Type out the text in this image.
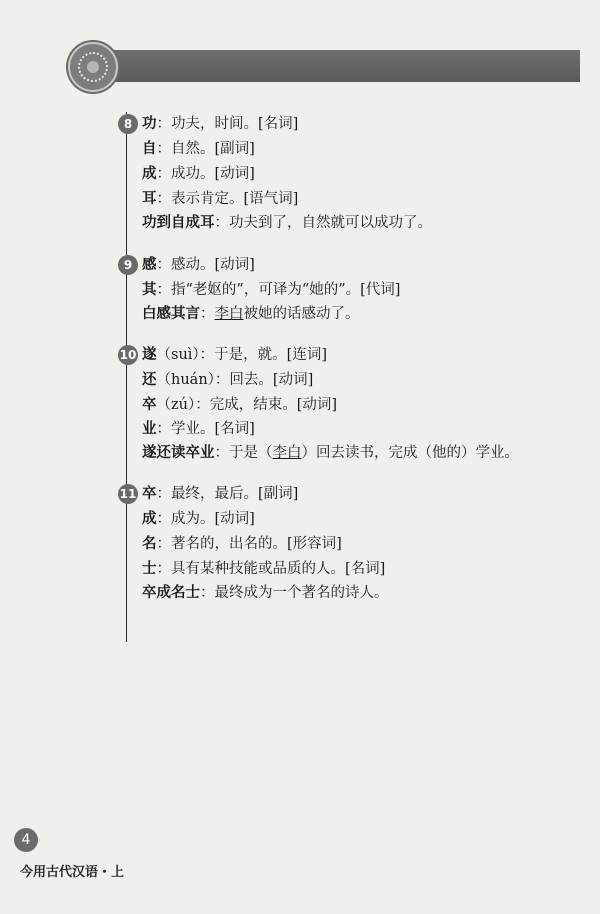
8 功：功夫，时间。[名词]
自：自然。[副词]
成：成功。[动词]
耳：表示肯定。[语气词]
功到自成耳：功夫到了，自然就可以成功了。
9 感：感动。[动词]
其：指“老妪的”，可译为“她的”。[代词]
白感其言：李白被她的话感动了。
10 遂（suì）：于是，就。[连词]
还（huán）：回去。[动词]
卒（zú）：完成，结束。[动词]
业：学业。[名词]
遂还读卒业：于是（李白）回去读书，完成（他的）学业。
11 卒：最终，最后。[副词]
成：成为。[动词]
名：著名的，出名的。[形容词]
士：具有某种技能或品质的人。[名词]
卒成名士：最终成为一个著名的诗人。
4
今用古代汉语・上
